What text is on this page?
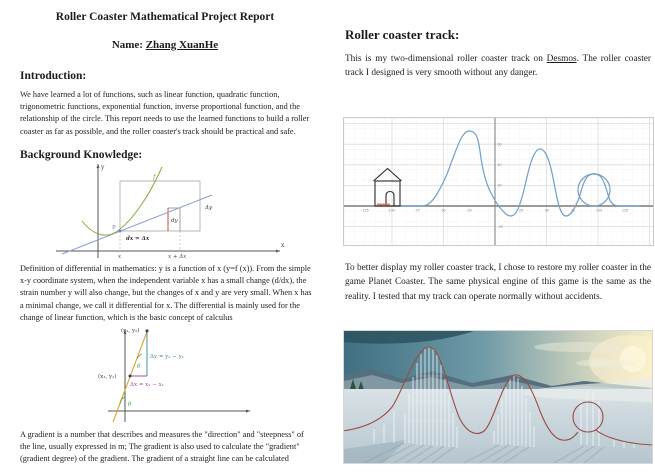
Roller Coaster Mathematical Project Report
Name: Zhang XuanHe
Introduction:
We have learned a lot of functions, such as linear function, quadratic function, trigonometric functions, exponential function, inverse proportional function, and the relationship of the circle. This report needs to use the learned functions to build a roller coaster as far as possible, and the roller coaster's track should be practical and safe.
Background Knowledge:
y
x
f
P
dy
Δy
dx = Δx
x	x + Δx
Definition of differential in mathematics: y is a function of x (y=f (x)). From the simple x-y coordinate system, when the independent variable x has a small change (d/dx), the strain number y will also change, but the changes of x and y are very small. When x has a minimal change, we call it differential for x. The differential is mainly used for the change of linear function, which is the basic concept of calculus
(x₁, y₁)
(x₂, y₂)
Δy = y₂ − y₁
Δx = x₂ − x₁
θ
θ
A gradient is a number that describes and measures the "direction" and "steepness" of the line, usually expressed in m; The gradient is also used to calculate the "gradient" (gradient degree) of the gradient. The gradient of a straight line can be calculated
Roller coaster track:
This is my two-dimensional roller coaster track on Desmos. The roller coaster track I designed is very smooth without any danger.
-125	-100	-75	-50	-25	25	50	75	100	125
60
40
20
-20
To better display my roller coaster track, I chose to restore my roller coaster in the game Planet Coaster. The same physical engine of this game is the same as the reality. I tested that my track can operate normally without accidents.
